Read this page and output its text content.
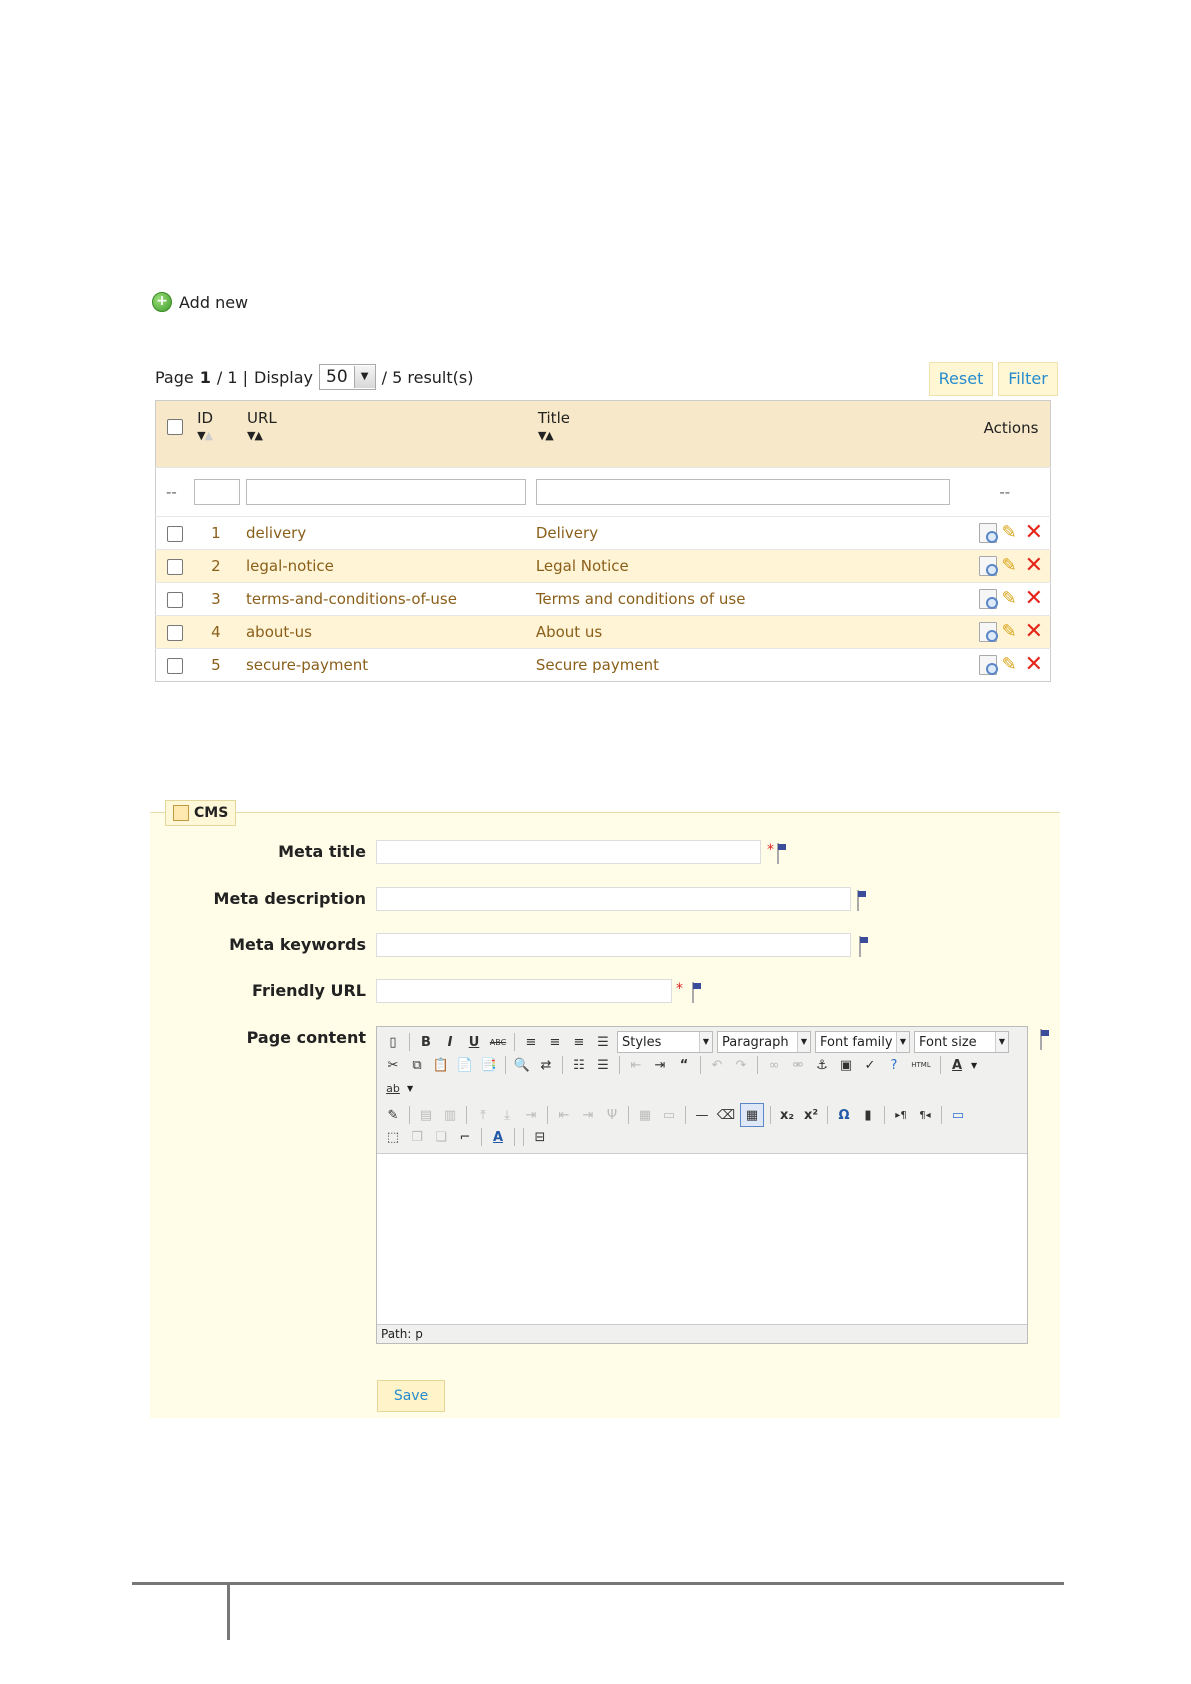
+ Add new
Page 1 / 1 | Display 50	▼ / 5 result(s)	Reset	Filter
	ID
▼▲	URL
▼▲	Title
▼▲	Actions
--				--
	1	delivery	Delivery	✎ ✕

	2	legal-notice	Legal Notice	✎ ✕

	3	terms-and-conditions-of-use	Terms and conditions of use	✎ ✕

	4	about-us	About us	✎ ✕

	5	secure-payment	Secure payment	✎ ✕
CMS
Meta title	*
Meta description
Meta keywords
Friendly URL	*
Page content	▯	B	I	U	ABC	≡	≡	≡ ☰	Styles	▼ Paragraph	▼ Font family ▼ Font size	▼
✂	⧉ 📋 📄 📑 🔍 ⇄	☷ ☰	⇤	⇥	“	↶	↷	∞	⚮ ⚓ ▣ ✓	?	HTML	A	▼
ab ▼
✎	▤ ▥	⤒	⤓	⇥	⇤	⇥	Ψ	▦ ▭ — ⌫ ▦	x₂ x²	Ω	▮	▸¶	¶◂	▭
⬚ ❐ ❏ ⌐	A	⊟
Path: p
Save
